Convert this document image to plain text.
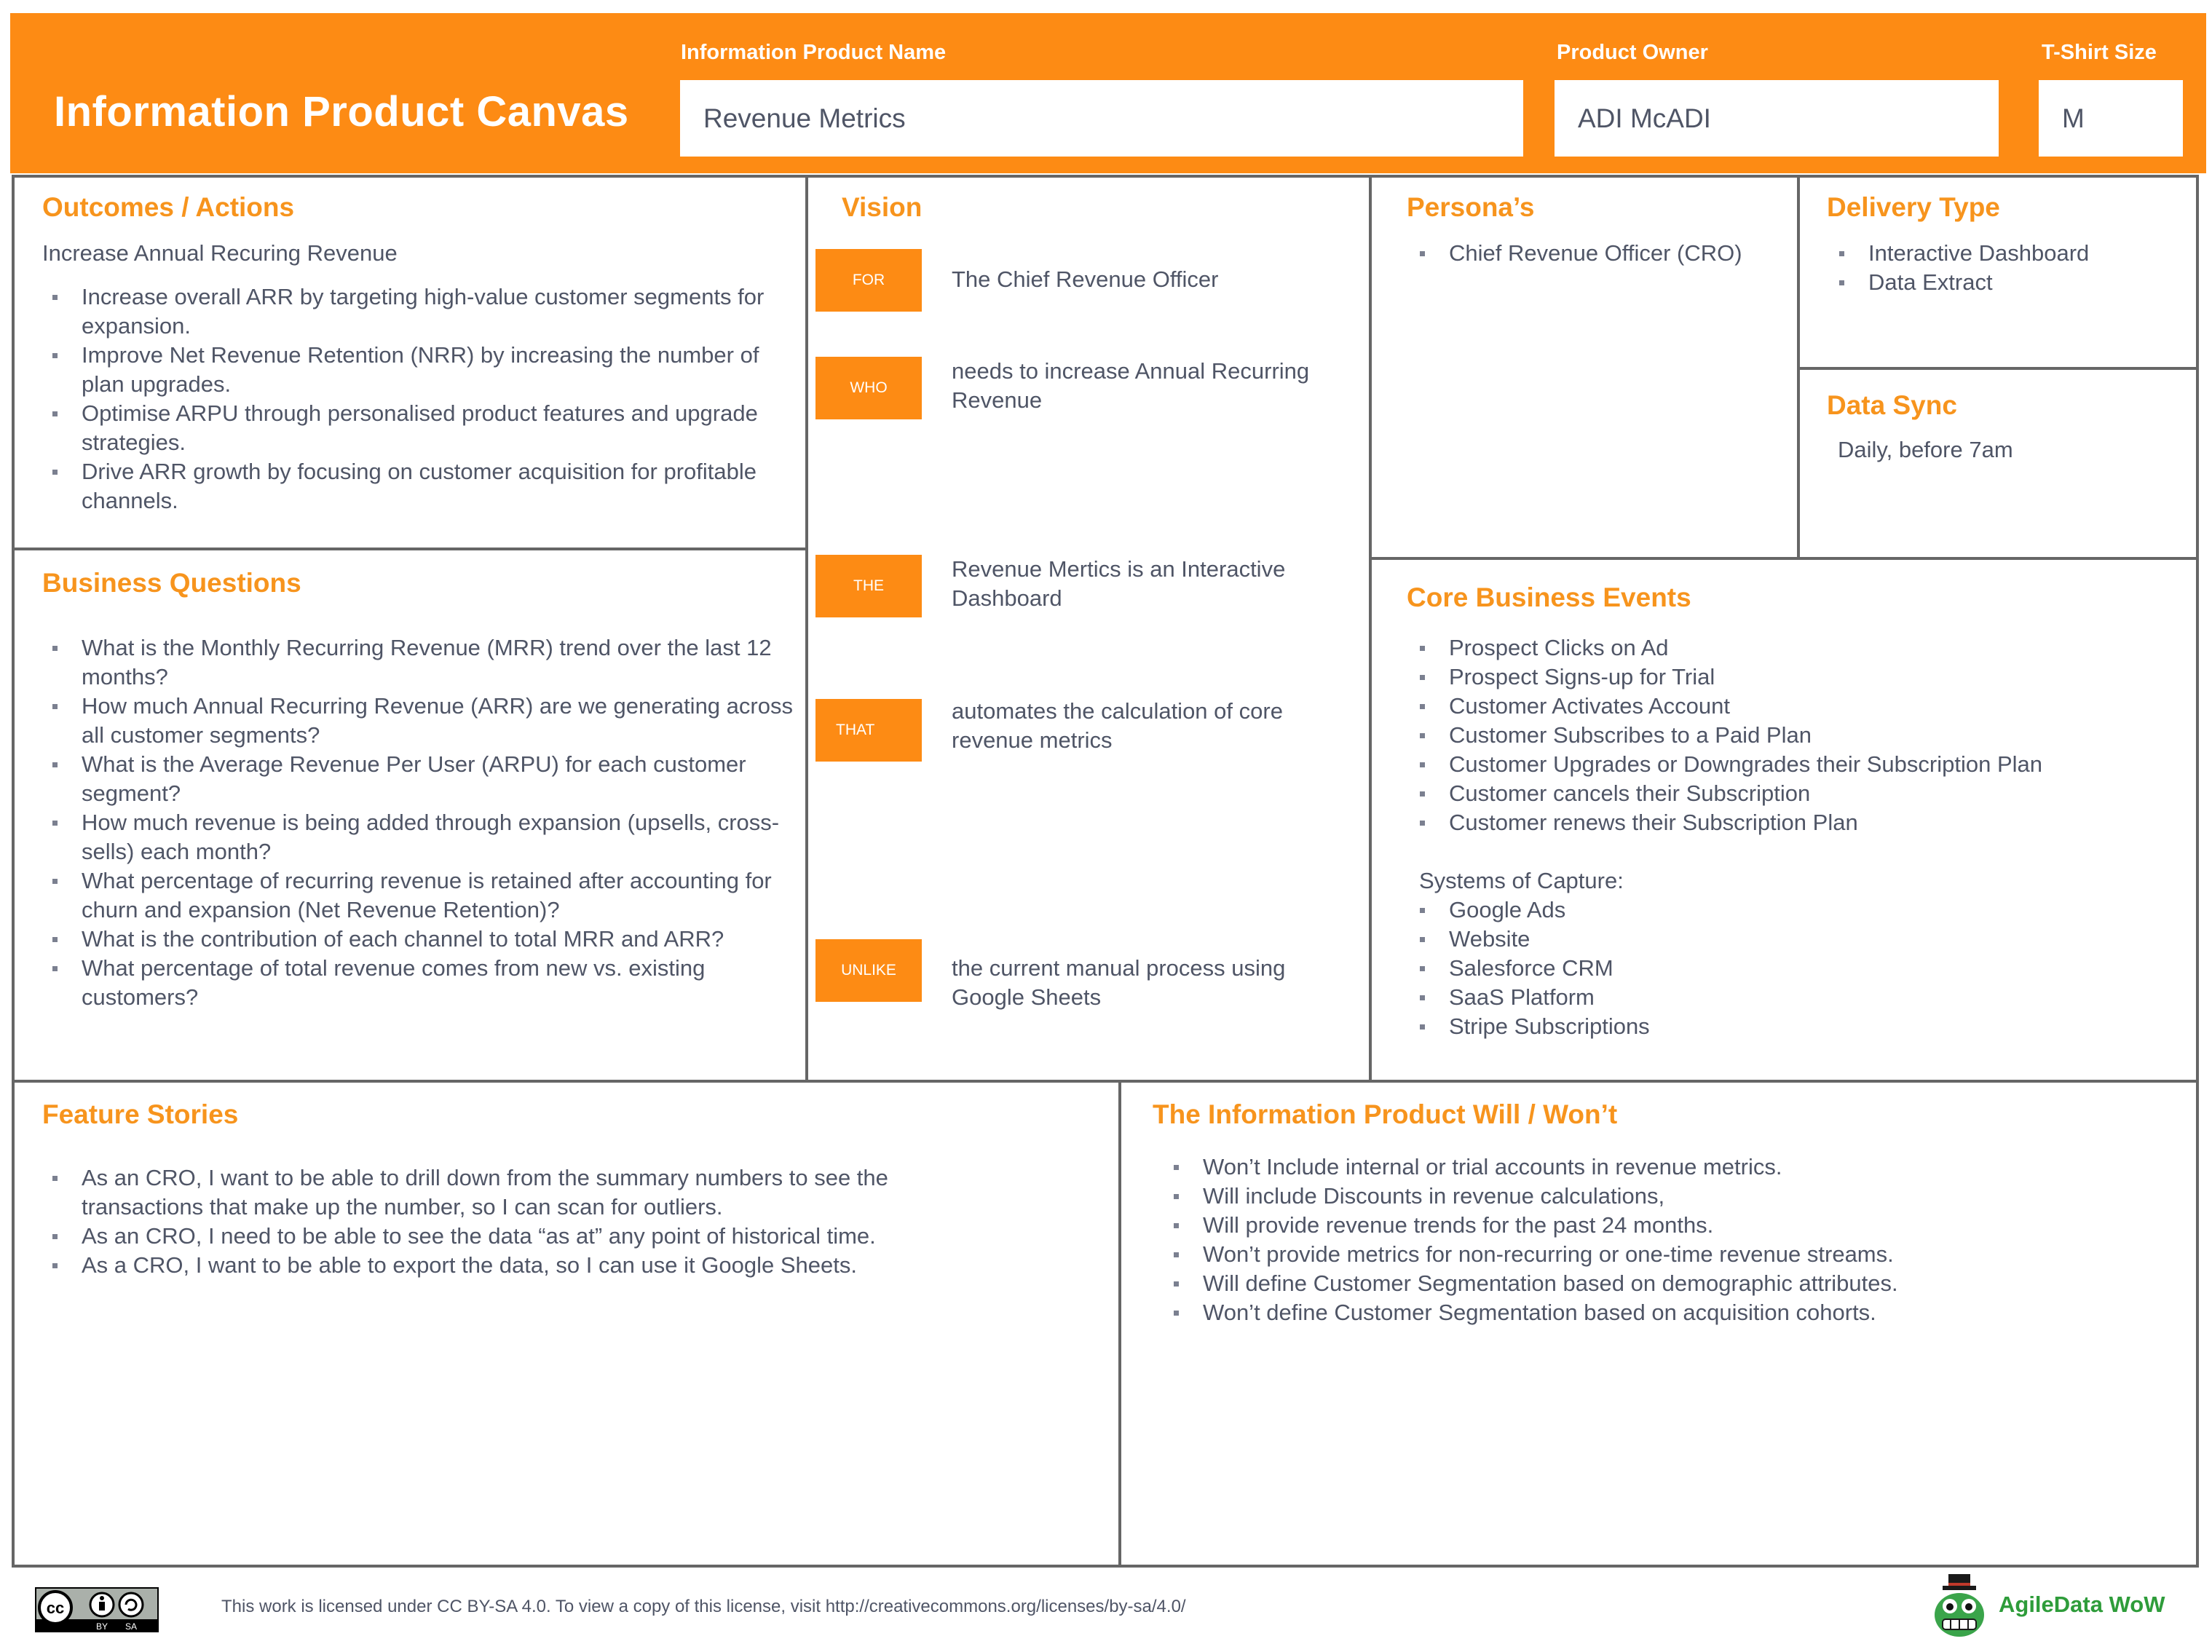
Information Product Canvas
Information Product Name
Revenue Metrics
Product Owner
ADI McADI
T-Shirt Size
M
Outcomes / Actions
Increase Annual Recuring Revenue
Increase overall ARR by targeting high-value customer segments for expansion.
Improve Net Revenue Retention (NRR) by increasing the number of plan upgrades.
Optimise ARPU through personalised product features and upgrade strategies.
Drive ARR growth by focusing on customer acquisition for profitable channels.
Business Questions
What is the Monthly Recurring Revenue (MRR) trend over the last 12 months?
How much Annual Recurring Revenue (ARR) are we generating across all customer segments?
What is the Average Revenue Per User (ARPU) for each customer segment?
How much revenue is being added through expansion (upsells, cross-sells) each month?
What percentage of recurring revenue is retained after accounting for churn and expansion (Net Revenue Retention)?
What is the contribution of each channel to total MRR and ARR?
What percentage of total revenue comes from new vs. existing customers?
Vision
FOR	The Chief Revenue Officer
WHO
needs to increase Annual Recurring Revenue
THE
Revenue Mertics is an Interactive Dashboard
THAT
automates the calculation of core revenue metrics
UNLIKE	the current manual process using Google Sheets
Persona’s
Chief Revenue Officer (CRO)
Delivery Type
Interactive Dashboard
Data Extract
Data Sync
Daily, before 7am
Core Business Events
Prospect Clicks on Ad
Prospect Signs-up for Trial
Customer Activates Account
Customer Subscribes to a Paid Plan
Customer Upgrades or Downgrades their Subscription Plan
Customer cancels their Subscription
Customer renews their Subscription Plan
Systems of Capture:
Google Ads
Website
Salesforce CRM
SaaS Platform
Stripe Subscriptions
Feature Stories
As an CRO, I want to be able to drill down from the summary numbers to see the transactions that make up the number, so I can scan for outliers.
As an CRO, I need to be able to see the data “as at” any point of historical time.
As a CRO, I want to be able to export the data, so I can use it Google Sheets.
The Information Product Will / Won’t
Won’t Include internal or trial accounts in revenue metrics.
Will include Discounts in revenue calculations,
Will provide revenue trends for the past 24 months.
Won’t provide metrics for non-recurring or one-time revenue streams.
Will define Customer Segmentation based on demographic attributes.
Won’t define Customer Segmentation based on acquisition cohorts.
cc
BY SA
This work is licensed under CC BY-SA 4.0. To view a copy of this license, visit http://creativecommons.org/licenses/by-sa/4.0/	AgileData WoW
